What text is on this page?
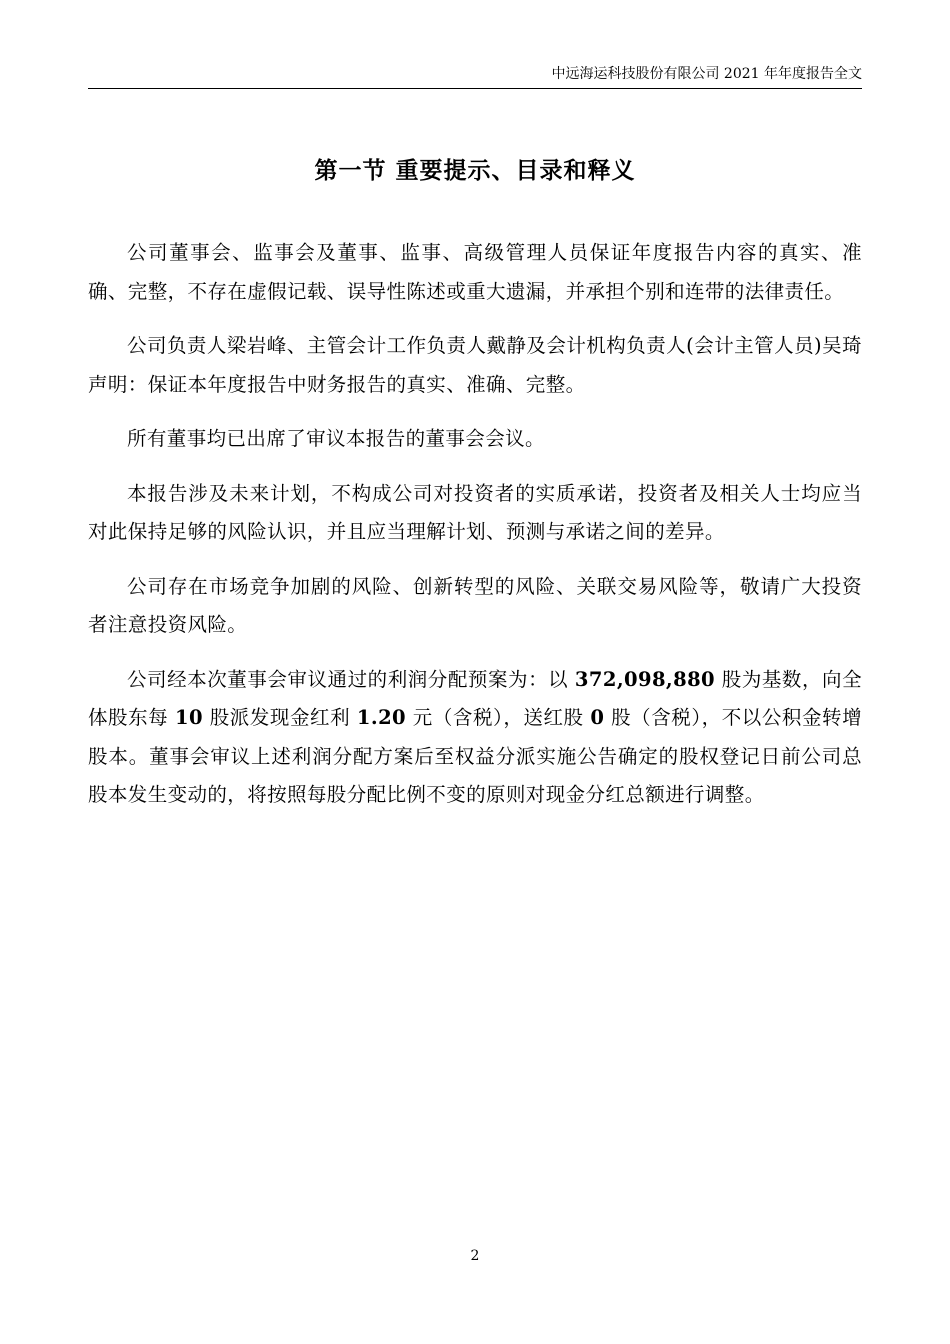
中远海运科技股份有限公司 2021 年年度报告全文
第一节 重要提示、目录和释义

公司董事会、监事会及董事、监事、高级管理人员保证年度报告内容的真实、准确、完整，不存在虚假记载、误导性陈述或重大遗漏，并承担个别和连带的法律责任。

公司负责人梁岩峰、主管会计工作负责人戴静及会计机构负责人(会计主管人员)吴琦声明：保证本年度报告中财务报告的真实、准确、完整。

所有董事均已出席了审议本报告的董事会会议。

本报告涉及未来计划，不构成公司对投资者的实质承诺，投资者及相关人士均应当对此保持足够的风险认识，并且应当理解计划、预测与承诺之间的差异。

公司存在市场竞争加剧的风险、创新转型的风险、关联交易风险等，敬请广大投资者注意投资风险。

公司经本次董事会审议通过的利润分配预案为：以 372,098,880 股为基数，向全体股东每 10 股派发现金红利 1.20 元（含税），送红股 0 股（含税），不以公积金转增股本。董事会审议上述利润分配方案后至权益分派实施公告确定的股权登记日前公司总股本发生变动的，将按照每股分配比例不变的原则对现金分红总额进行调整。

2
